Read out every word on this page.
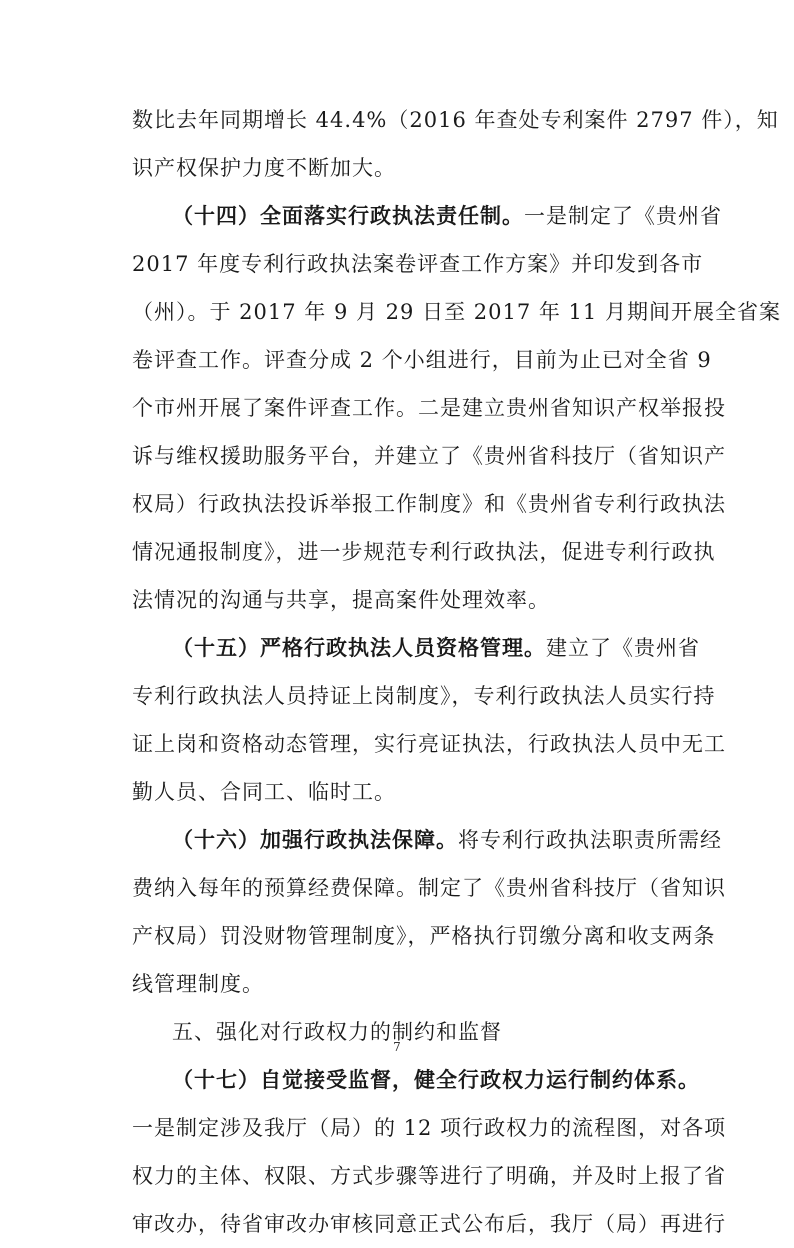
数比去年同期增长 44.4%（2016 年查处专利案件 2797 件），知
识产权保护力度不断加大。
（十四）全面落实行政执法责任制。一是制定了《贵州省
2017 年度专利行政执法案卷评查工作方案》并印发到各市
（州）。于 2017 年 9 月 29 日至 2017 年 11 月期间开展全省案
卷评查工作。评查分成 2 个小组进行，目前为止已对全省 9
个市州开展了案件评查工作。二是建立贵州省知识产权举报投
诉与维权援助服务平台，并建立了《贵州省科技厅（省知识产
权局）行政执法投诉举报工作制度》和《贵州省专利行政执法
情况通报制度》，进一步规范专利行政执法，促进专利行政执
法情况的沟通与共享，提高案件处理效率。
（十五）严格行政执法人员资格管理。建立了《贵州省
专利行政执法人员持证上岗制度》，专利行政执法人员实行持
证上岗和资格动态管理，实行亮证执法，行政执法人员中无工
勤人员、合同工、临时工。
（十六）加强行政执法保障。将专利行政执法职责所需经
费纳入每年的预算经费保障。制定了《贵州省科技厅（省知识
产权局）罚没财物管理制度》，严格执行罚缴分离和收支两条
线管理制度。
五、强化对行政权力的制约和监督
（十七）自觉接受监督，健全行政权力运行制约体系。
一是制定涉及我厅（局）的 12 项行政权力的流程图，对各项
权力的主体、权限、方式步骤等进行了明确，并及时上报了省
审改办，待省审改办审核同意正式公布后，我厅（局）再进行
7
